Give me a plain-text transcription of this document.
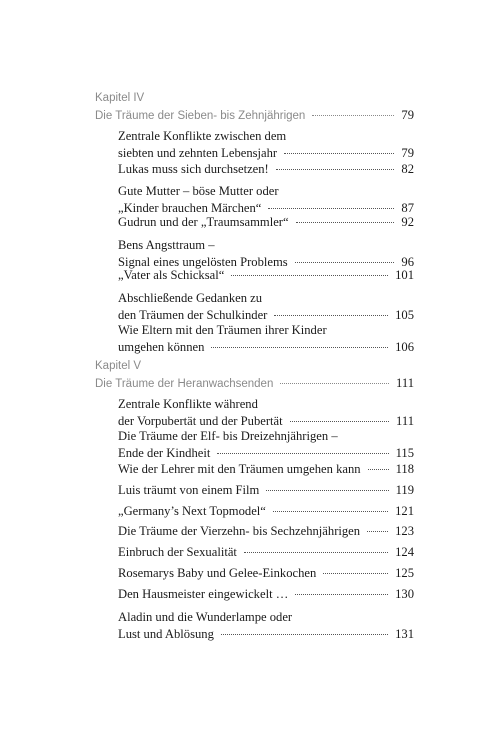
Kapitel IV
Die Träume der Sieben- bis Zehnjährigen	79
Zentrale Konflikte zwischen dem
siebten und zehnten Lebensjahr	79
Lukas muss sich durchsetzen!	82
Gute Mutter – böse Mutter oder
„Kinder brauchen Märchen“	87
Gudrun und der „Traumsammler“	92
Bens Angsttraum –
Signal eines ungelösten Problems	96
„Vater als Schicksal“	101
Abschließende Gedanken zu
den Träumen der Schulkinder	105
Wie Eltern mit den Träumen ihrer Kinder
umgehen können	106
Kapitel V
Die Träume der Heranwachsenden	111
Zentrale Konflikte während
der Vorpubertät und der Pubertät	111
Die Träume der Elf- bis Dreizehnjährigen –
Ende der Kindheit	115
Wie der Lehrer mit den Träumen umgehen kann	118
Luis träumt von einem Film	119
„Germany’s Next Topmodel“	121
Die Träume der Vierzehn- bis Sechzehnjährigen	123
Einbruch der Sexualität	124
Rosemarys Baby und Gelee-Einkochen	125
Den Hausmeister eingewickelt …	130
Aladin und die Wunderlampe oder
Lust und Ablösung	131
